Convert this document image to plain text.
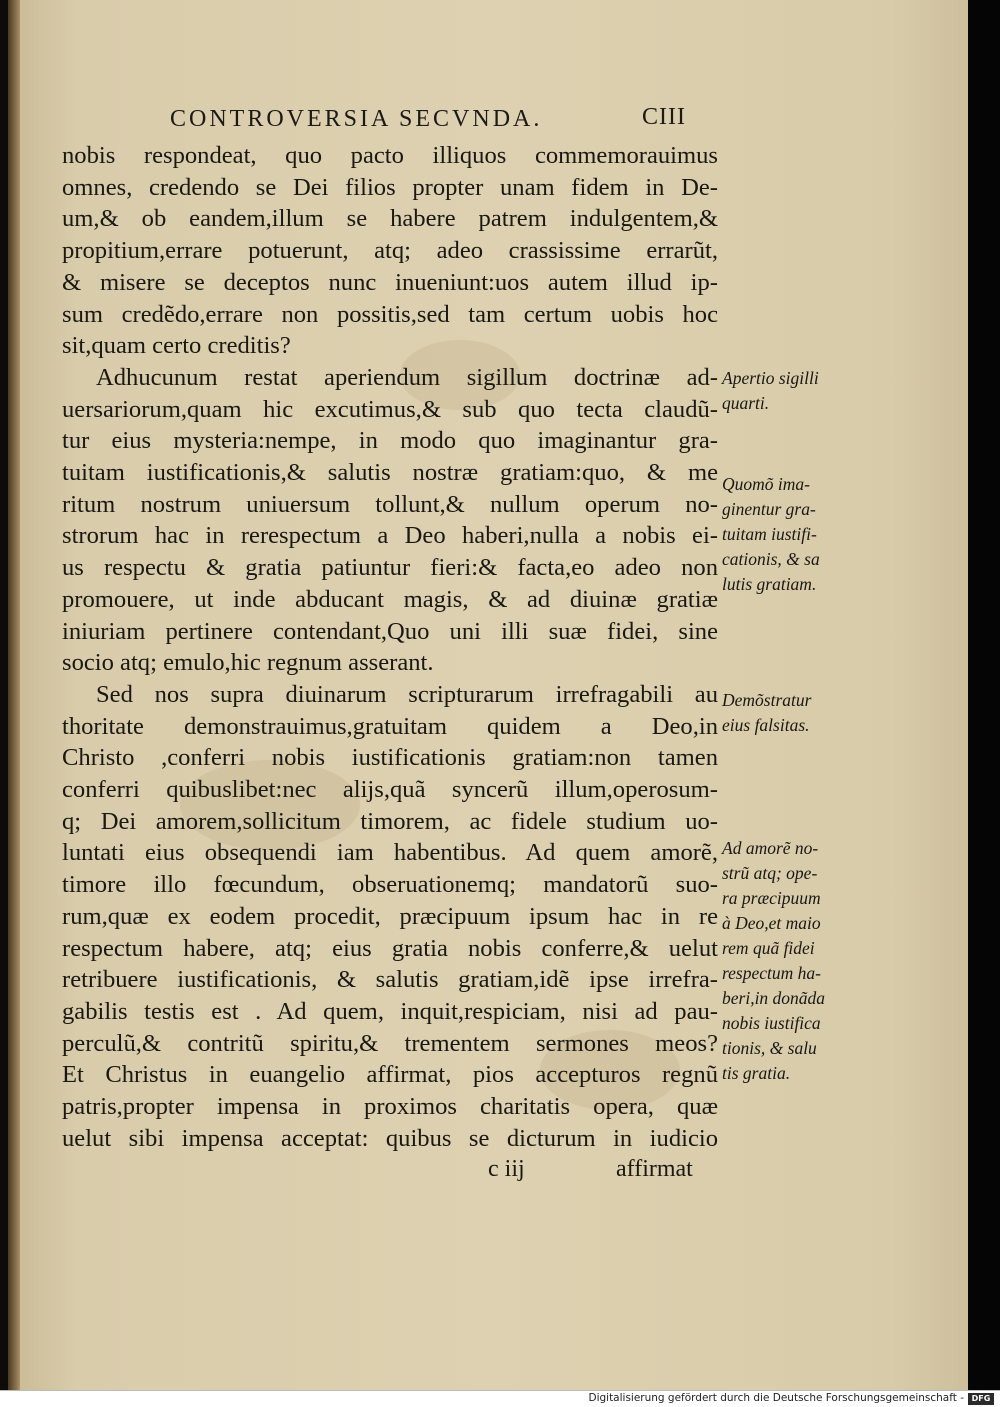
CONTROVERSIA SECVNDA.	CIII
nobis respondeat, quo pacto illiquos commemorauimus
omnes, credendo se Dei filios propter unam fidem in De-
um,& ob eandem,illum se habere patrem indulgentem,&
propitium,errare potuerunt, atq; adeo crassissime errarũt,
& misere se deceptos nunc inueniunt:uos autem illud ip-
sum credẽdo,errare non possitis,sed tam certum uobis hoc
sit,quam certo creditis?
Adhucunum restat aperiendum sigillum doctrinæ ad-
uersariorum,quam hic excutimus,& sub quo tecta claudũ-
tur eius mysteria:nempe, in modo quo imaginantur gra-
tuitam iustificationis,& salutis nostræ gratiam:quo, & me
ritum nostrum uniuersum tollunt,& nullum operum no-
strorum hac in rerespectum a Deo haberi,nulla a nobis ei-
us respectu & gratia patiuntur fieri:& facta,eo adeo non
promouere, ut inde abducant magis, & ad diuinæ gratiæ
iniuriam pertinere contendant,Quo uni illi suæ fidei, sine
socio atq; emulo,hic regnum asserant.
Sed nos supra diuinarum scripturarum irrefragabili au
thoritate demonstrauimus,gratuitam quidem a Deo,in
Christo ,conferri nobis iustificationis gratiam:non tamen
conferri quibuslibet:nec alijs,quã syncerũ illum,operosum-
q; Dei amorem,sollicitum timorem, ac fidele studium uo-
luntati eius obsequendi iam habentibus. Ad quem amorẽ,
timore illo fœcundum, obseruationemq; mandatorũ suo-
rum,quæ ex eodem procedit, præcipuum ipsum hac in re
respectum habere, atq; eius gratia nobis conferre,& uelut
retribuere iustificationis, & salutis gratiam,idẽ ipse irrefra-
gabilis testis est . Ad quem, inquit,respiciam, nisi ad pau-
perculũ,& contritũ spiritu,& trementem sermones meos?
Et Christus in euangelio affirmat, pios accepturos regnũ
patris,propter impensa in proximos charitatis opera, quæ
uelut sibi impensa acceptat: quibus se dicturum in iudicio
c iij	affirmat
Apertio sigilli
quarti.
Quomõ ima-
ginentur gra-
tuitam iustifi-
cationis, & sa
lutis gratiam.
Demõstratur
eius falsitas.
Ad amorẽ no-
strũ atq; ope-
ra præcipuum
à Deo,et maio
rem quã fidei
respectum ha-
beri,in donãda
nobis iustifica
tionis, & salu
tis gratia.
Digitalisierung gefördert durch die Deutsche Forschungsgemeinschaft - DFG
